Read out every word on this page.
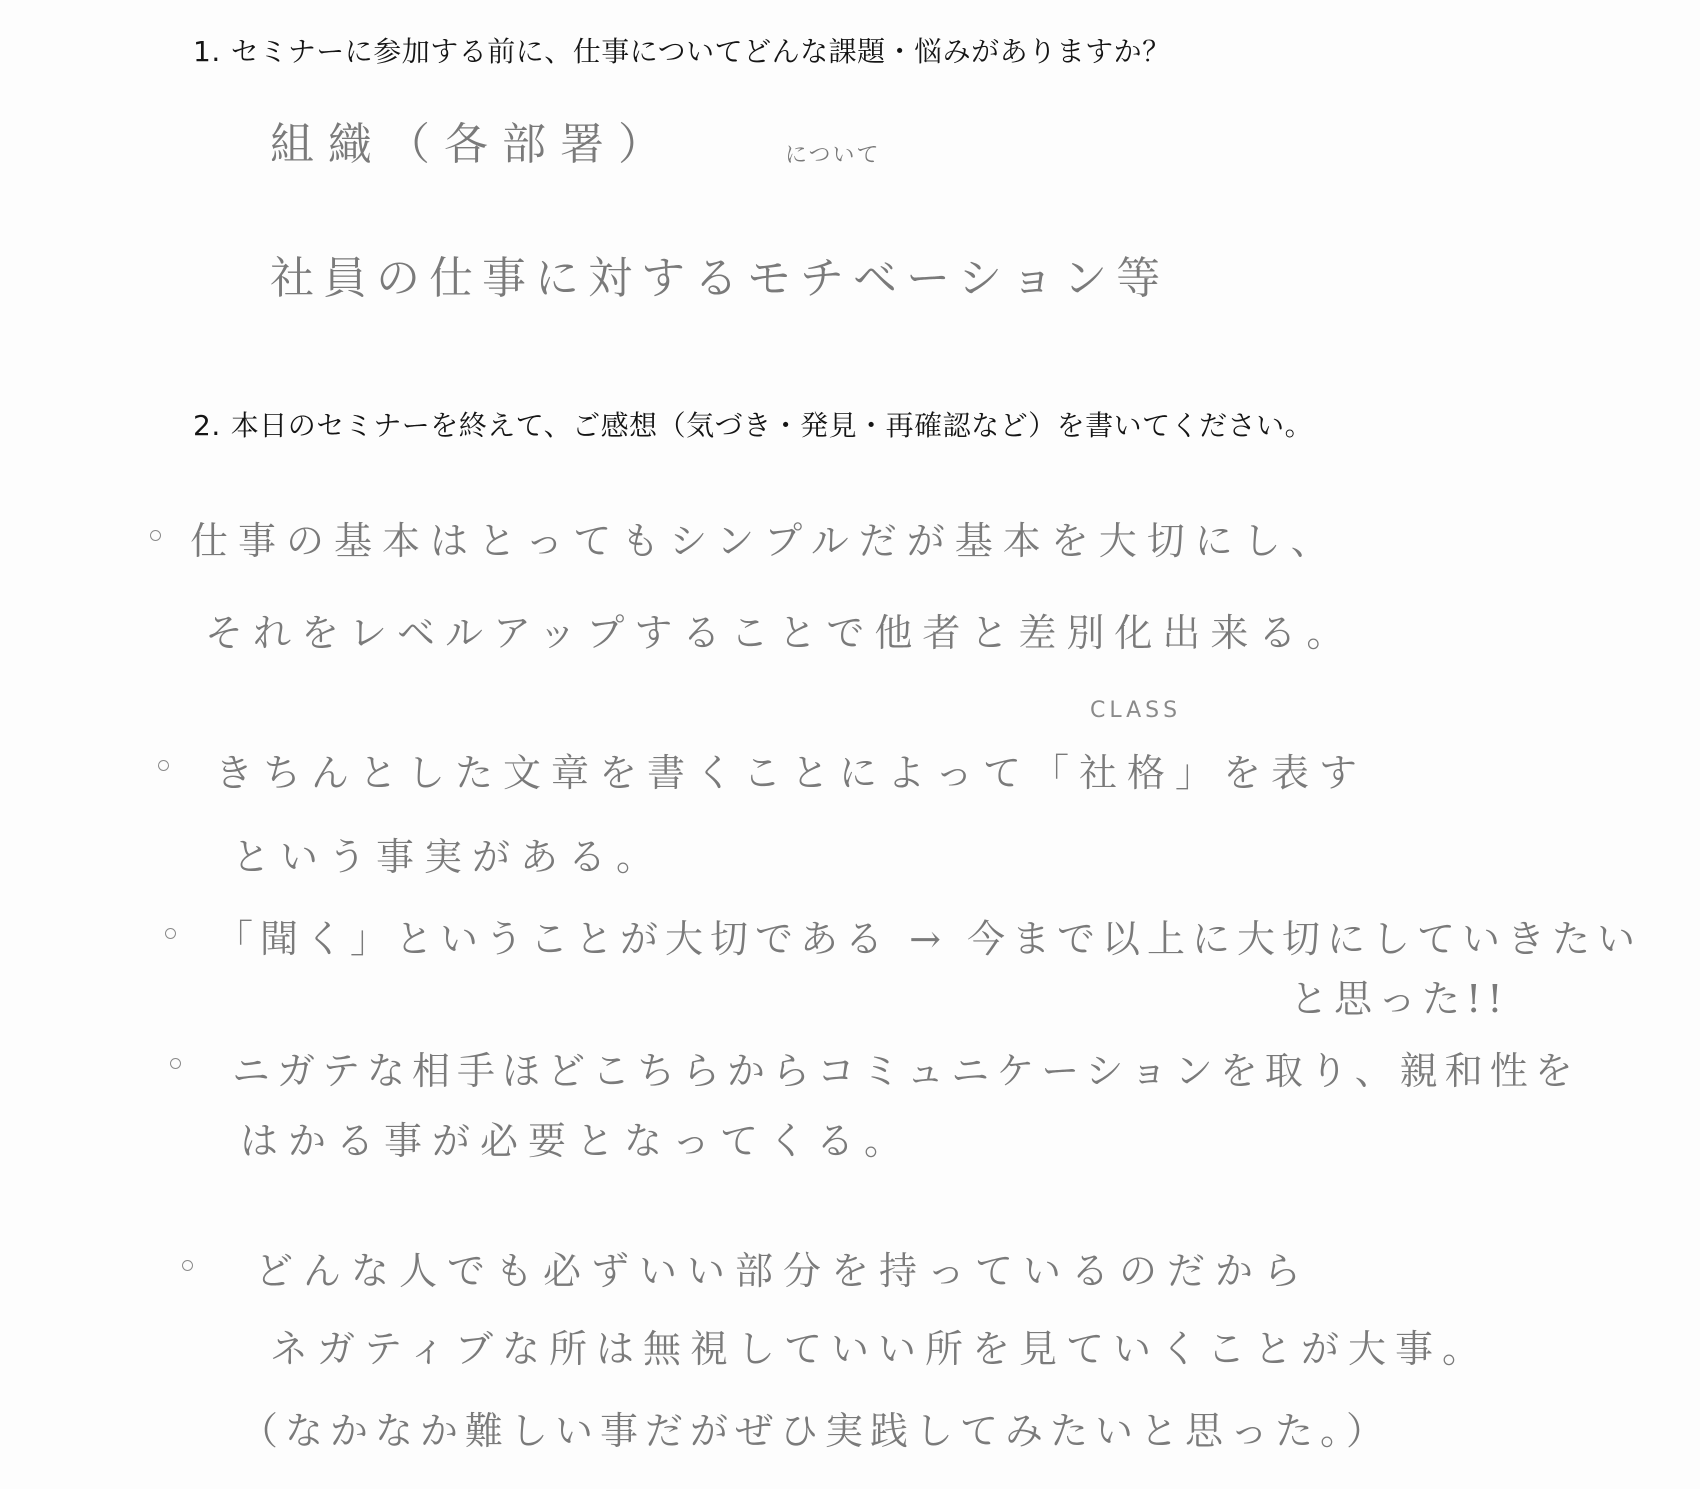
1. セミナーに参加する前に、仕事についてどんな課題・悩みがありますか？
組織（各部署）	について
社員の仕事に対するモチベーション等
2. 本日のセミナーを終えて、ご感想（気づき・発見・再確認など）を書いてください。
仕事の基本はとってもシンプルだが基本を大切にし、
それをレベルアップすることで他者と差別化出来る。
CLASS
きちんとした文章を書くことによって「社格」を表す
という事実がある。
「聞く」ということが大切である → 今まで以上に大切にしていきたい
と思った!!
ニガテな相手ほどこちらからコミュニケーションを取り、親和性を
はかる事が必要となってくる。
どんな人でも必ずいい部分を持っているのだから
ネガティブな所は無視していい所を見ていくことが大事。
（なかなか難しい事だがぜひ実践してみたいと思った。）
